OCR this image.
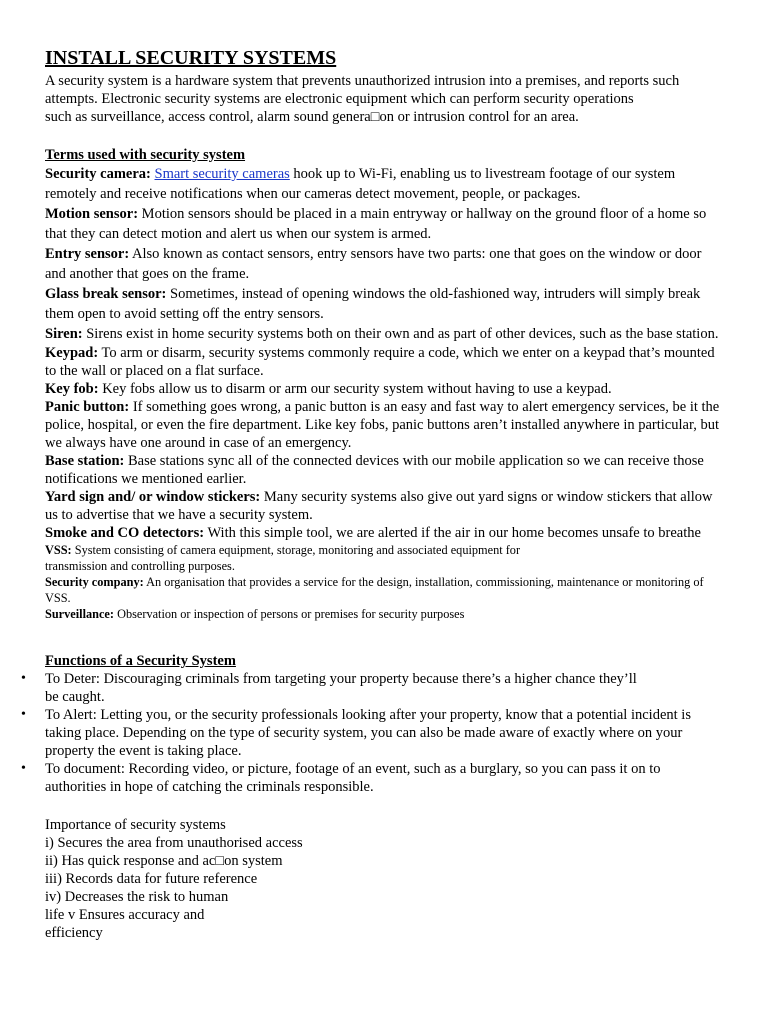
INSTALL SECURITY SYSTEMS

A security system is a hardware system that prevents unauthorized intrusion into a premises, and reports such

attempts. Electronic security systems are electronic equipment which can perform security operations

such as surveillance, access control, alarm sound genera□on or intrusion control for an area.

Terms used with security system

Security camera: Smart security cameras hook up to Wi-Fi, enabling us to livestream footage of our system remotely and receive notifications when our cameras detect movement, people, or packages.

Motion sensor: Motion sensors should be placed in a main entryway or hallway on the ground floor of a home so that they can detect motion and alert us when our system is armed.

Entry sensor: Also known as contact sensors, entry sensors have two parts: one that goes on the window or door and another that goes on the frame.

Glass break sensor: Sometimes, instead of opening windows the old-fashioned way, intruders will simply break them open to avoid setting off the entry sensors.

Siren: Sirens exist in home security systems both on their own and as part of other devices, such as the base station.

Keypad: To arm or disarm, security systems commonly require a code, which we enter on a keypad that’s mounted to the wall or placed on a flat surface.

Key fob: Key fobs allow us to disarm or arm our security system without having to use a keypad.

Panic button: If something goes wrong, a panic button is an easy and fast way to alert emergency services, be it the police, hospital, or even the fire department. Like key fobs, panic buttons aren’t installed anywhere in particular, but we always have one around in case of an emergency.

Base station: Base stations sync all of the connected devices with our mobile application so we can receive those notifications we mentioned earlier.

Yard sign and/ or window stickers: Many security systems also give out yard signs or window stickers that allow us to advertise that we have a security system.

Smoke and CO detectors: With this simple tool, we are alerted if the air in our home becomes unsafe to breathe

VSS: System consisting of camera equipment, storage, monitoring and associated equipment for
transmission and controlling purposes.

Security company: An organisation that provides a service for the design, installation, commissioning, maintenance or monitoring of VSS.

Surveillance: Observation or inspection of persons or premises for security purposes

Functions of a Security System
• To Deter: Discouraging criminals from targeting your property because there’s a higher chance they’ll
be caught.
• To Alert: Letting you, or the security professionals looking after your property, know that a potential incident is taking place. Depending on the type of security system, you can also be made aware of exactly where on your property the event is taking place.
• To document: Recording video, or picture, footage of an event, such as a burglary, so you can pass it on to authorities in hope of catching the criminals responsible.

Importance of security systems

i) Secures the area from unauthorised access

ii) Has quick response and ac□on system

iii) Records data for future reference

iv) Decreases the risk to human

life v Ensures accuracy and

efficiency
